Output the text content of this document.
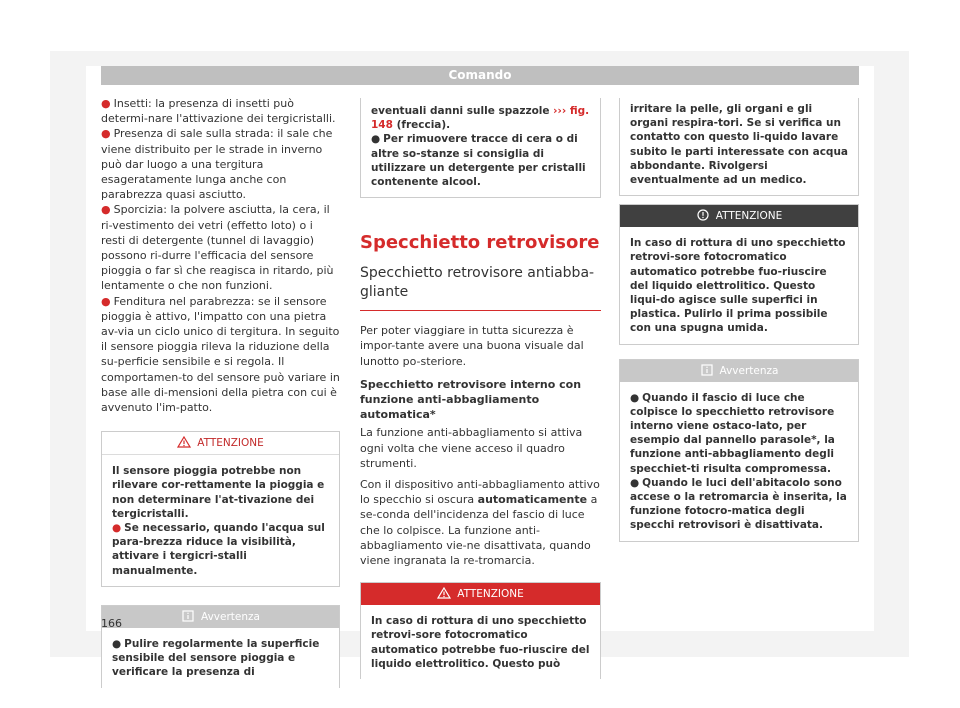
Comando

● Insetti: la presenza di insetti può determi-nare l'attivazione dei tergicristalli.

● Presenza di sale sulla strada: il sale che viene distribuito per le strade in inverno può dar luogo a una tergitura esageratamente lunga anche con parabrezza quasi asciutto.

● Sporcizia: la polvere asciutta, la cera, il ri-vestimento dei vetri (effetto loto) o i resti di detergente (tunnel di lavaggio) possono ri-durre l'efficacia del sensore pioggia o far sì che reagisca in ritardo, più lentamente o che non funzioni.

● Fenditura nel parabrezza: se il sensore pioggia è attivo, l'impatto con una pietra av-via un ciclo unico di tergitura. In seguito il sensore pioggia rileva la riduzione della su-perficie sensibile e si regola. Il comportamen-to del sensore può variare in base alle di-mensioni della pietra con cui è avvenuto l'im-patto.

ATTENZIONE

Il sensore pioggia potrebbe non rilevare cor-rettamente la pioggia e non determinare l'at-tivazione dei tergicristalli.

● Se necessario, quando l'acqua sul para-brezza riduce la visibilità, attivare i tergicri-stalli manualmente.

Avvertenza

● Pulire regolarmente la superficie sensibile del sensore pioggia e verificare la presenza di

eventuali danni sulle spazzole ››› fig. 148 (freccia).

● Per rimuovere tracce di cera o di altre so-stanze si consiglia di utilizzare un detergente per cristalli contenente alcool.

Specchietto retrovisore
Specchietto retrovisore antiabba-gliante

Per poter viaggiare in tutta sicurezza è impor-tante avere una buona visuale dal lunotto po-steriore.

Specchietto retrovisore interno con funzione anti-abbagliamento automatica*

La funzione anti-abbagliamento si attiva ogni volta che viene acceso il quadro strumenti.

Con il dispositivo anti-abbagliamento attivo lo specchio si oscura automaticamente a se-conda dell'incidenza del fascio di luce che lo colpisce. La funzione anti-abbagliamento vie-ne disattivata, quando viene ingranata la re-tromarcia.

ATTENZIONE

In caso di rottura di uno specchietto retrovi-sore fotocromatico automatico potrebbe fuo-riuscire del liquido elettrolitico. Questo può

irritare la pelle, gli organi e gli organi respira-tori. Se si verifica un contatto con questo li-quido lavare subito le parti interessate con acqua abbondante. Rivolgersi eventualmente ad un medico.

ATTENZIONE

In caso di rottura di uno specchietto retrovi-sore fotocromatico automatico potrebbe fuo-riuscire del liquido elettrolitico. Questo liqui-do agisce sulle superfici in plastica. Pulirlo il prima possibile con una spugna umida.

Avvertenza

● Quando il fascio di luce che colpisce lo specchietto retrovisore interno viene ostaco-lato, per esempio dal pannello parasole*, la funzione anti-abbagliamento degli specchiet-ti risulta compromessa.

● Quando le luci dell'abitacolo sono accese o la retromarcia è inserita, la funzione fotocro-matica degli specchi retrovisori è disattivata.

166
